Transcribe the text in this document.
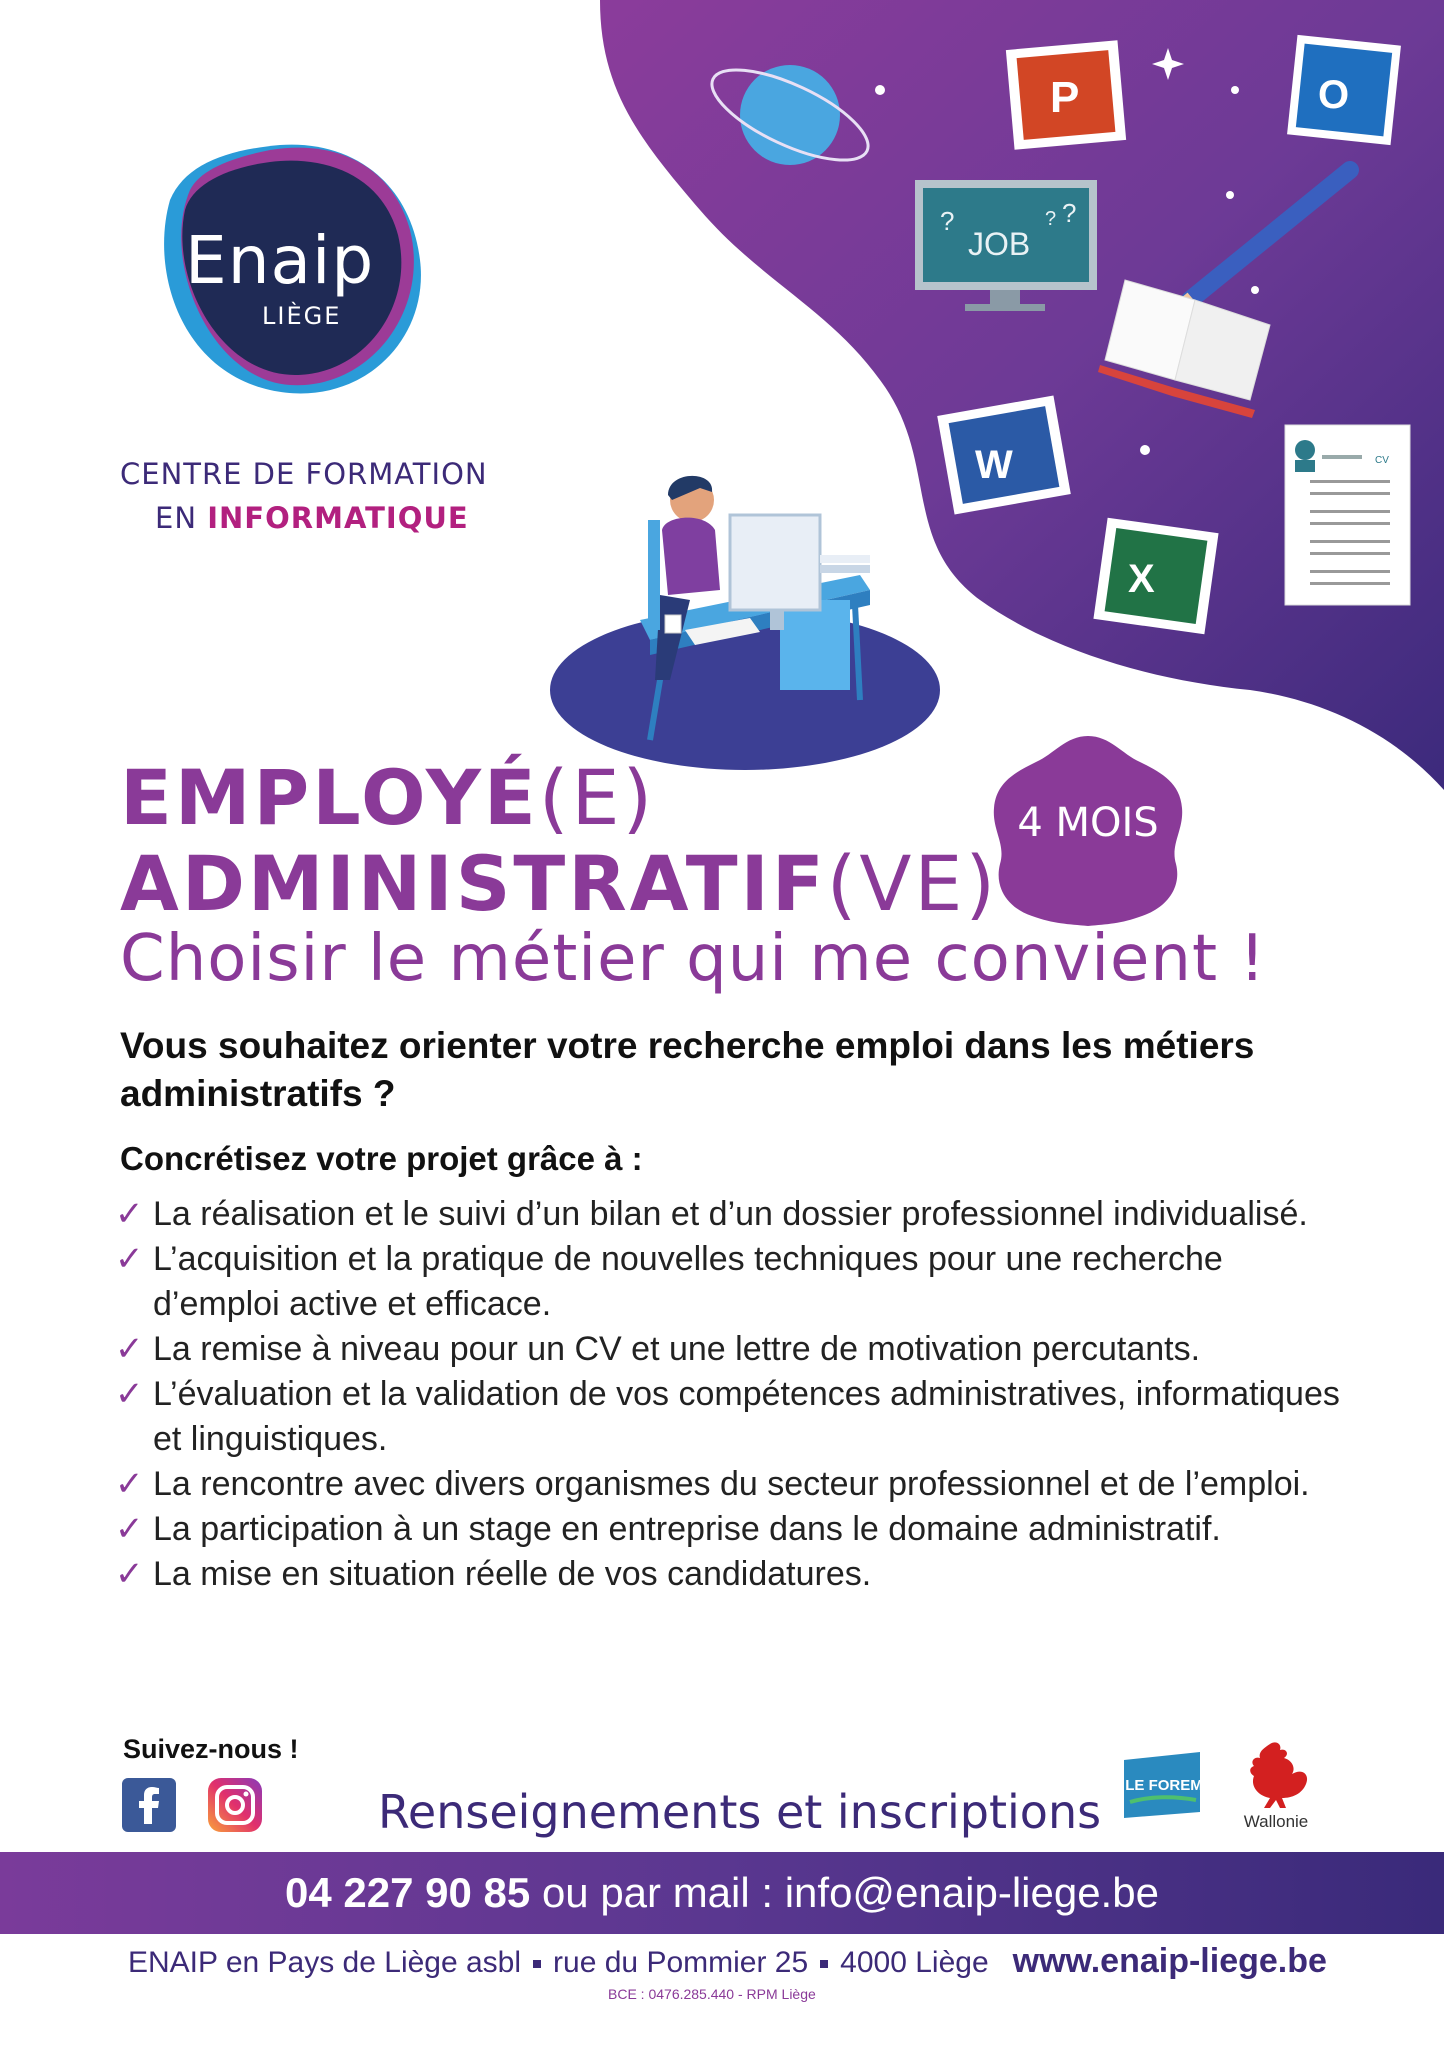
P	O
JOB
?	? ?
W
X
CV
Enaip
LIÈGE
CENTRE DE FORMATION
EN INFORMATIQUE
4 MOIS
EMPLOYÉ(E)
ADMINISTRATIF(VE) ?
Choisir le métier qui me convient !
Vous souhaitez orienter votre recherche emploi dans les métiers administratifs ?
Concrétisez votre projet grâce à :
✓ La réalisation et le suivi d’un bilan et d’un dossier professionnel individualisé.
✓ L’acquisition et la pratique de nouvelles techniques pour une recherche d’emploi active et efficace.
✓ La remise à niveau pour un CV et une lettre de motivation percutants.
✓ L’évaluation et la validation de vos compétences administratives, informatiques et linguistiques.
✓ La rencontre avec divers organismes du secteur professionnel et de l’emploi.
✓ La participation à un stage en entreprise dans le domaine administratif.
✓ La mise en situation réelle de vos candidatures.
Suivez-nous !
Renseignements et inscriptions LE FOREM
Wallonie
04 227 90 85 ou par mail : info@enaip-liege.be
ENAIP en Pays de Liège asbl rue du Pommier 25 4000 Liège www.enaip-liege.be
BCE : 0476.285.440 - RPM Liège
